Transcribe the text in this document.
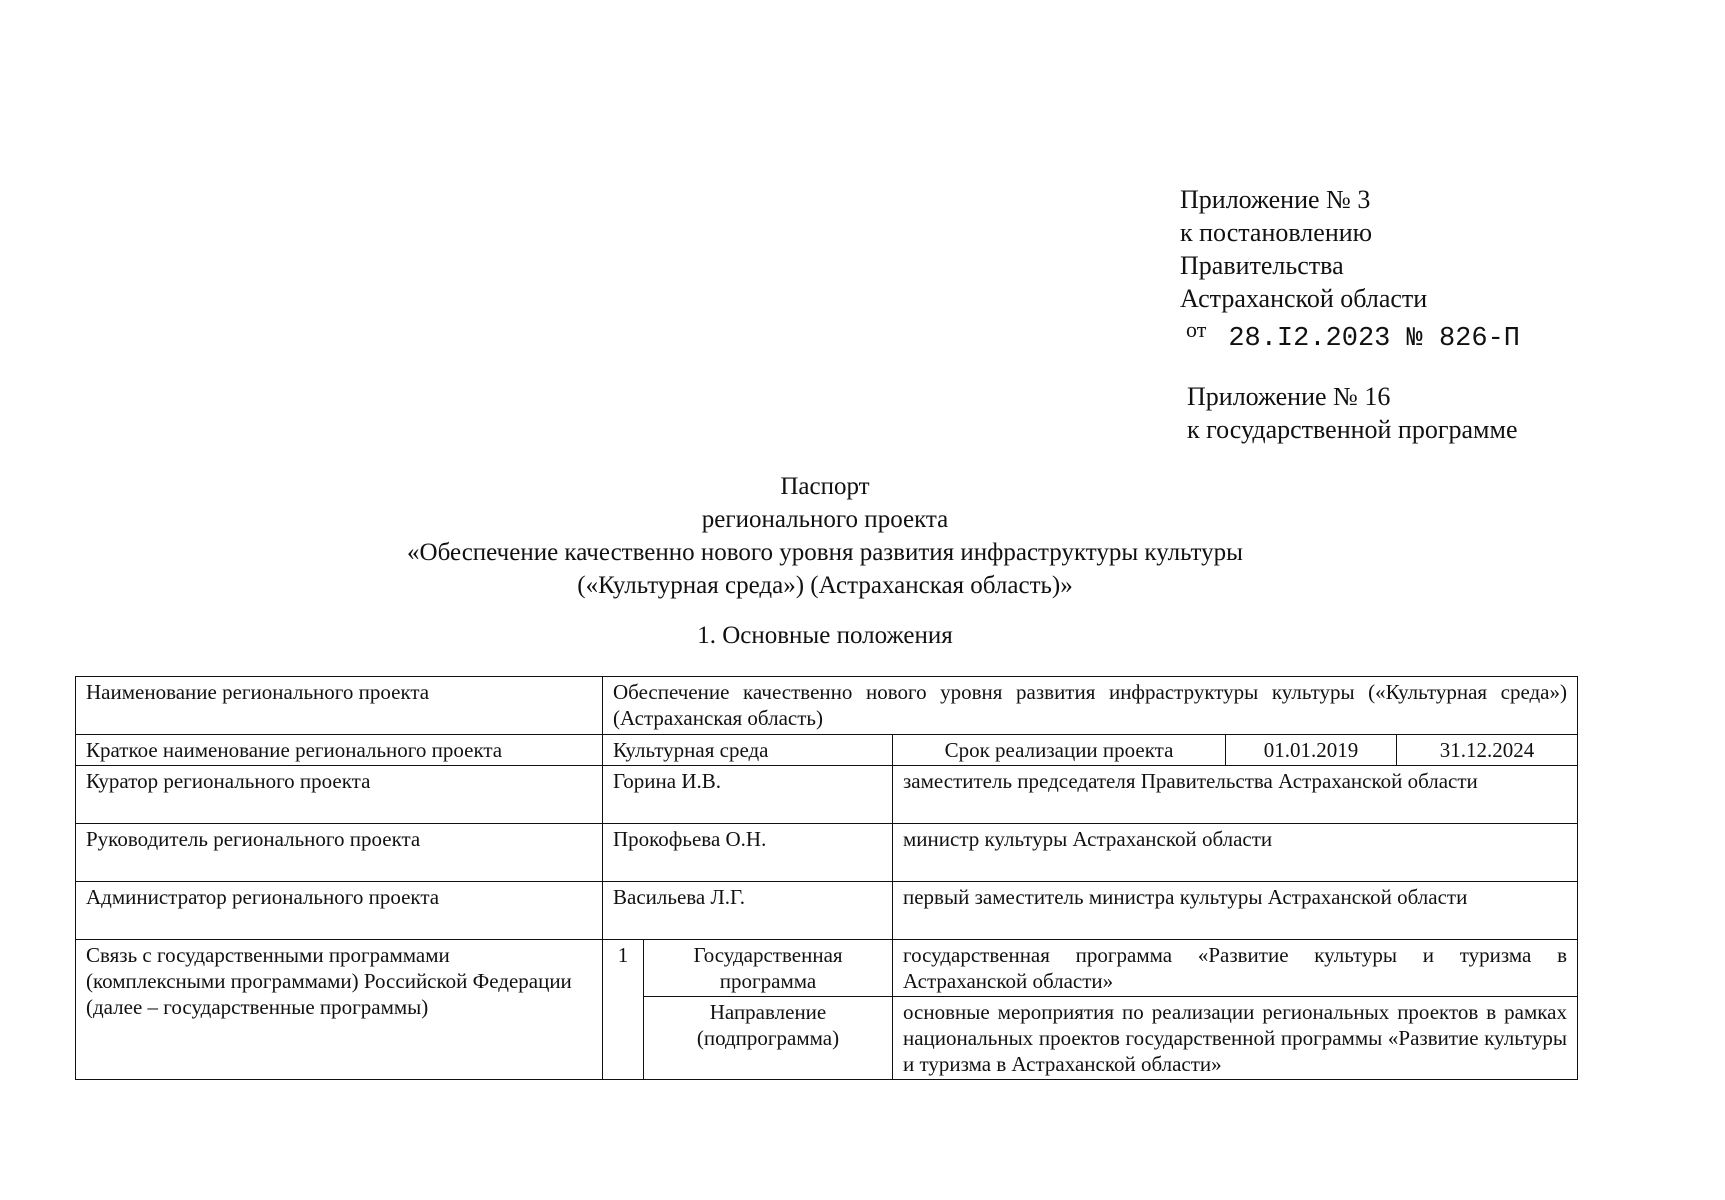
Приложение № 3
к постановлению
Правительства
Астраханской области
от 28.I2.2023 № 826-П
Приложение № 16
к государственной программе
Паспорт
регионального проекта
«Обеспечение качественно нового уровня развития инфраструктуры культуры
(«Культурная среда») (Астраханская область)»
1. Основные положения
Наименование регионального проекта	Обеспечение качественно нового уровня развития инфраструктуры культуры («Культурная среда») (Астраханская область)				
Краткое наименование регионального проекта	Культурная среда		Срок реализации проекта	01.01.2019	31.12.2024
Куратор регионального проекта	Горина И.В.		заместитель председателя Правительства Астраханской области		
Руководитель регионального проекта	Прокофьева О.Н.		министр культуры Астраханской области		
Администратор регионального проекта	Васильева Л.Г.		первый заместитель министра культуры Астраханской области		
Связь с государственными программами (комплексными программами) Российской Федерации (далее – государственные программы)	1	Государственная программа	государственная программа «Развитие культуры и туризма в Астраханской области»		
		Направление (подпрограмма)	основные мероприятия по реализации региональных проектов в рамках национальных проектов государственной программы «Развитие культуры и туризма в Астраханской области»		
